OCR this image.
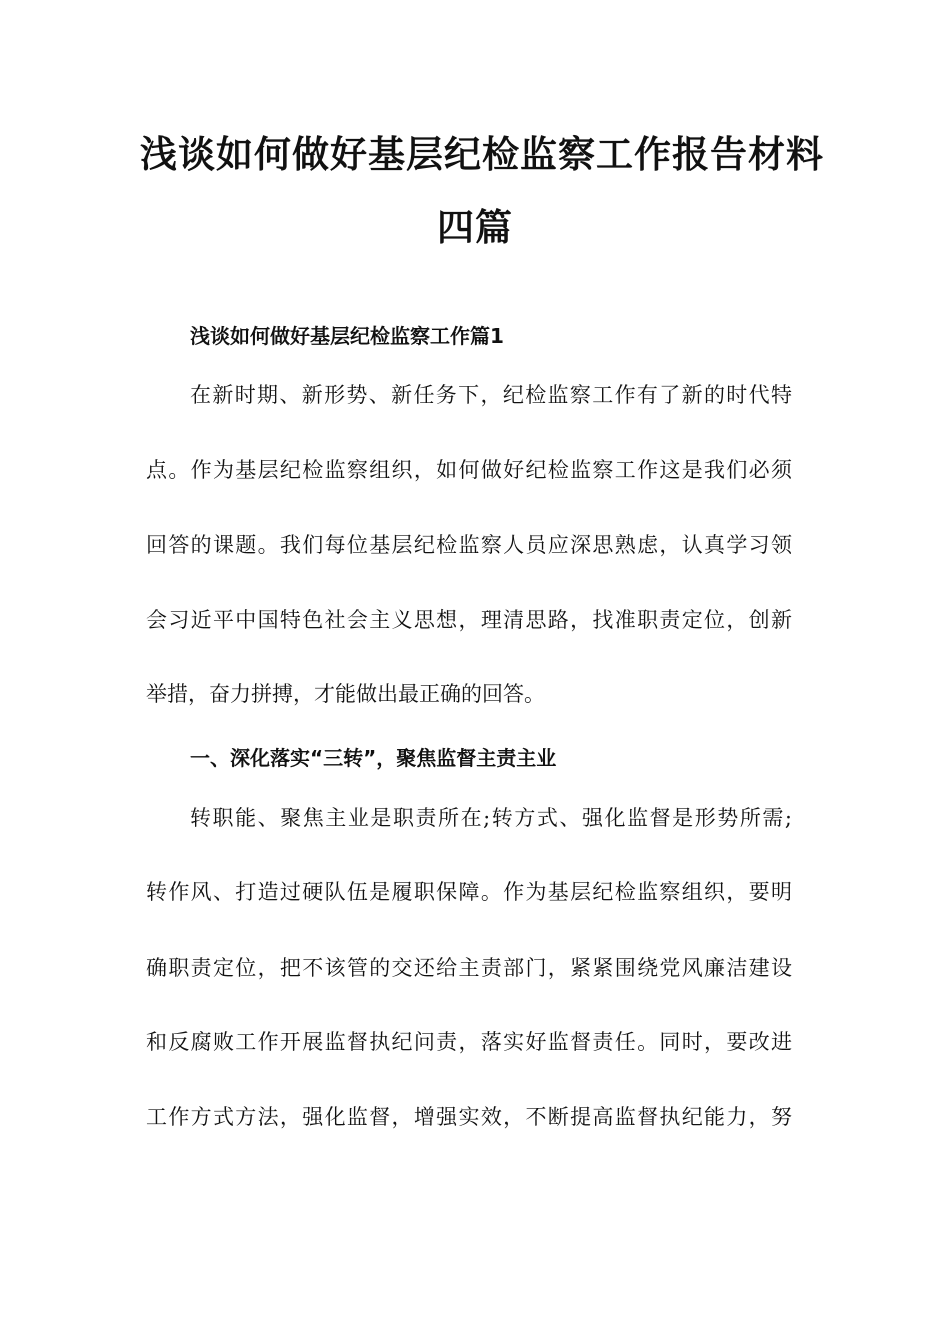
浅谈如何做好基层纪检监察工作报告材料
四篇

浅谈如何做好基层纪检监察工作篇1

在新时期、新形势、新任务下，纪检监察工作有了新的时代特

点。作为基层纪检监察组织，如何做好纪检监察工作这是我们必须

回答的课题。我们每位基层纪检监察人员应深思熟虑，认真学习领

会习近平中国特色社会主义思想，理清思路，找准职责定位，创新

举措，奋力拼搏，才能做出最正确的回答。

一、深化落实“三转”，聚焦监督主责主业

转职能、聚焦主业是职责所在;转方式、强化监督是形势所需;

转作风、打造过硬队伍是履职保障。作为基层纪检监察组织，要明

确职责定位，把不该管的交还给主责部门，紧紧围绕党风廉洁建设

和反腐败工作开展监督执纪问责，落实好监督责任。同时，要改进

工作方式方法，强化监督，增强实效，不断提高监督执纪能力，努
